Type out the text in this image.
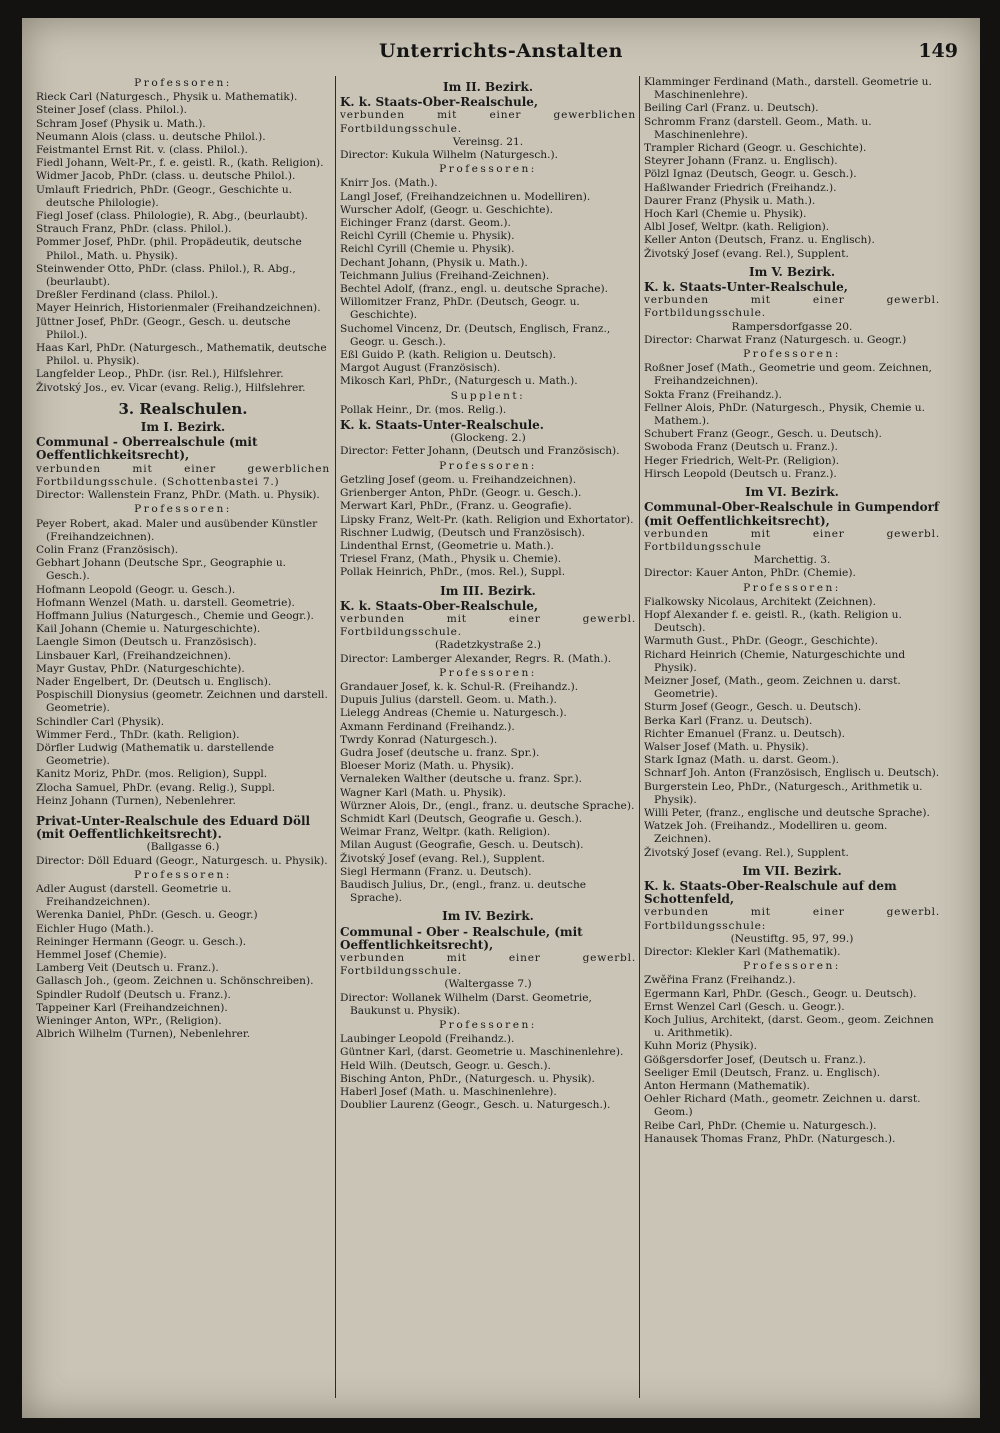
Unterrichts-Anstalten	149
Professoren:
Rieck Carl (Naturgesch., Physik u. Mathematik).
Steiner Josef (class. Philol.).
Schram Josef (Physik u. Math.).
Neumann Alois (class. u. deutsche Philol.).
Feistmantel Ernst Rit. v. (class. Philol.).
Fiedl Johann, Welt-Pr., f. e. geistl. R., (kath. Religion).
Widmer Jacob, PhDr. (class. u. deutsche Philol.).
Umlauft Friedrich, PhDr. (Geogr., Geschichte u. deutsche Philologie).
Fiegl Josef (class. Philologie), R. Abg., (beurlaubt).
Strauch Franz, PhDr. (class. Philol.).
Pommer Josef, PhDr. (phil. Propädeutik, deutsche Philol., Math. u. Physik).
Steinwender Otto, PhDr. (class. Philol.), R. Abg., (beurlaubt).
Dreßler Ferdinand (class. Philol.).
Mayer Heinrich, Historienmaler (Freihandzeichnen).
Jüttner Josef, PhDr. (Geogr., Gesch. u. deutsche Philol.).
Haas Karl, PhDr. (Naturgesch., Mathematik, deutsche Philol. u. Physik).
Langfelder Leop., PhDr. (isr. Rel.), Hilfslehrer.
Životský Jos., ev. Vicar (evang. Relig.), Hilfslehrer.
3. Realschulen.
Im I. Bezirk.
Communal - Oberrealschule (mit Oeffentlichkeitsrecht),
verbunden mit einer gewerblichen Fortbildungsschule. (Schottenbastei 7.)
Director: Wallenstein Franz, PhDr. (Math. u. Physik).
Professoren:
Peyer Robert, akad. Maler und ausübender Künstler (Freihandzeichnen).
Colin Franz (Französisch).
Gebhart Johann (Deutsche Spr., Geographie u. Gesch.).
Hofmann Leopold (Geogr. u. Gesch.).
Hofmann Wenzel (Math. u. darstell. Geometrie).
Hoffmann Julius (Naturgesch., Chemie und Geogr.).
Kail Johann (Chemie u. Naturgeschichte).
Laengle Simon (Deutsch u. Französisch).
Linsbauer Karl, (Freihandzeichnen).
Mayr Gustav, PhDr. (Naturgeschichte).
Nader Engelbert, Dr. (Deutsch u. Englisch).
Pospischill Dionysius (geometr. Zeichnen und darstell. Geometrie).
Schindler Carl (Physik).
Wimmer Ferd., ThDr. (kath. Religion).
Dörfler Ludwig (Mathematik u. darstellende Geometrie).
Kanitz Moriz, PhDr. (mos. Religion), Suppl.
Zlocha Samuel, PhDr. (evang. Relig.), Suppl.
Heinz Johann (Turnen), Nebenlehrer.
Privat-Unter-Realschule des Eduard Döll (mit Oeffentlichkeitsrecht).
(Ballgasse 6.)
Director: Döll Eduard (Geogr., Naturgesch. u. Physik).
Professoren:
Adler August (darstell. Geometrie u. Freihandzeichnen).
Werenka Daniel, PhDr. (Gesch. u. Geogr.)
Eichler Hugo (Math.).
Reininger Hermann (Geogr. u. Gesch.).
Hemmel Josef (Chemie).
Lamberg Veit (Deutsch u. Franz.).
Gallasch Joh., (geom. Zeichnen u. Schönschreiben).
Spindler Rudolf (Deutsch u. Franz.).
Tappeiner Karl (Freihandzeichnen).
Wieninger Anton, WPr., (Religion).
Albrich Wilhelm (Turnen), Nebenlehrer.
Im II. Bezirk.
K. k. Staats-Ober-Realschule,
verbunden mit einer gewerblichen Fortbildungsschule.
Vereinsg. 21.
Director: Kukula Wilhelm (Naturgesch.).
Professoren:
Knirr Jos. (Math.).
Langl Josef, (Freihandzeichnen u. Modelliren).
Wurscher Adolf, (Geogr. u. Geschichte).
Eichinger Franz (darst. Geom.).
Reichl Cyrill (Chemie u. Physik).
Reichl Cyrill (Chemie u. Physik).
Dechant Johann, (Physik u. Math.).
Teichmann Julius (Freihand-Zeichnen).
Bechtel Adolf, (franz., engl. u. deutsche Sprache).
Willomitzer Franz, PhDr. (Deutsch, Geogr. u. Geschichte).
Suchomel Vincenz, Dr. (Deutsch, Englisch, Franz., Geogr. u. Gesch.).
Eßl Guido P. (kath. Religion u. Deutsch).
Margot August (Französisch).
Mikosch Karl, PhDr., (Naturgesch u. Math.).
Supplent:
Pollak Heinr., Dr. (mos. Relig.).
K. k. Staats-Unter-Realschule.
(Glockeng. 2.)
Director: Fetter Johann, (Deutsch und Französisch).
Professoren:
Getzling Josef (geom. u. Freihandzeichnen).
Grienberger Anton, PhDr. (Geogr. u. Gesch.).
Merwart Karl, PhDr., (Franz. u. Geografie).
Lipsky Franz, Welt-Pr. (kath. Religion und Exhortator).
Rischner Ludwig, (Deutsch und Französisch).
Lindenthal Ernst, (Geometrie u. Math.).
Triesel Franz, (Math., Physik u. Chemie).
Pollak Heinrich, PhDr., (mos. Rel.), Suppl.
Im III. Bezirk.
K. k. Staats-Ober-Realschule,
verbunden mit einer gewerbl. Fortbildungsschule.
(Radetzkystraße 2.)
Director: Lamberger Alexander, Regrs. R. (Math.).
Professoren:
Grandauer Josef, k. k. Schul-R. (Freihandz.).
Dupuis Julius (darstell. Geom. u. Math.).
Lielegg Andreas (Chemie u. Naturgesch.).
Axmann Ferdinand (Freihandz.).
Twrdy Konrad (Naturgesch.).
Gudra Josef (deutsche u. franz. Spr.).
Bloeser Moriz (Math. u. Physik).
Vernaleken Walther (deutsche u. franz. Spr.).
Wagner Karl (Math. u. Physik).
Würzner Alois, Dr., (engl., franz. u. deutsche Sprache).
Schmidt Karl (Deutsch, Geografie u. Gesch.).
Weimar Franz, Weltpr. (kath. Religion).
Milan August (Geografie, Gesch. u. Deutsch).
Životský Josef (evang. Rel.), Supplent.
Siegl Hermann (Franz. u. Deutsch).
Baudisch Julius, Dr., (engl., franz. u. deutsche Sprache).
Im IV. Bezirk.
Communal - Ober - Realschule, (mit Oeffentlichkeitsrecht),
verbunden mit einer gewerbl. Fortbildungsschule.
(Waltergasse 7.)
Director: Wollanek Wilhelm (Darst. Geometrie, Baukunst u. Physik).
Professoren:
Laubinger Leopold (Freihandz.).
Güntner Karl, (darst. Geometrie u. Maschinenlehre).
Held Wilh. (Deutsch, Geogr. u. Gesch.).
Bisching Anton, PhDr., (Naturgesch. u. Physik).
Haberl Josef (Math. u. Maschinenlehre).
Doublier Laurenz (Geogr., Gesch. u. Naturgesch.).
Klamminger Ferdinand (Math., darstell. Geometrie u. Maschinenlehre).
Beiling Carl (Franz. u. Deutsch).
Schromm Franz (darstell. Geom., Math. u. Maschinenlehre).
Trampler Richard (Geogr. u. Geschichte).
Steyrer Johann (Franz. u. Englisch).
Pölzl Ignaz (Deutsch, Geogr. u. Gesch.).
Haßlwander Friedrich (Freihandz.).
Daurer Franz (Physik u. Math.).
Hoch Karl (Chemie u. Physik).
Albl Josef, Weltpr. (kath. Religion).
Keller Anton (Deutsch, Franz. u. Englisch).
Životský Josef (evang. Rel.), Supplent.
Im V. Bezirk.
K. k. Staats-Unter-Realschule,
verbunden mit einer gewerbl. Fortbildungsschule.
Rampersdorfgasse 20.
Director: Charwat Franz (Naturgesch. u. Geogr.)
Professoren:
Roßner Josef (Math., Geometrie und geom. Zeichnen, Freihandzeichnen).
Sokta Franz (Freihandz.).
Fellner Alois, PhDr. (Naturgesch., Physik, Chemie u. Mathem.).
Schubert Franz (Geogr., Gesch. u. Deutsch).
Swoboda Franz (Deutsch u. Franz.).
Heger Friedrich, Welt-Pr. (Religion).
Hirsch Leopold (Deutsch u. Franz.).
Im VI. Bezirk.
Communal-Ober-Realschule in Gumpendorf (mit Oeffentlichkeitsrecht),
verbunden mit einer gewerbl. Fortbildungsschule
Marchettig. 3.
Director: Kauer Anton, PhDr. (Chemie).
Professoren:
Fialkowsky Nicolaus, Architekt (Zeichnen).
Hopf Alexander f. e. geistl. R., (kath. Religion u. Deutsch).
Warmuth Gust., PhDr. (Geogr., Geschichte).
Richard Heinrich (Chemie, Naturgeschichte und Physik).
Meizner Josef, (Math., geom. Zeichnen u. darst. Geometrie).
Sturm Josef (Geogr., Gesch. u. Deutsch).
Berka Karl (Franz. u. Deutsch).
Richter Emanuel (Franz. u. Deutsch).
Walser Josef (Math. u. Physik).
Stark Ignaz (Math. u. darst. Geom.).
Schnarf Joh. Anton (Französisch, Englisch u. Deutsch).
Burgerstein Leo, PhDr., (Naturgesch., Arithmetik u. Physik).
Willi Peter, (franz., englische und deutsche Sprache).
Watzek Joh. (Freihandz., Modelliren u. geom. Zeichnen).
Životský Josef (evang. Rel.), Supplent.
Im VII. Bezirk.
K. k. Staats-Ober-Realschule auf dem Schottenfeld,
verbunden mit einer gewerbl. Fortbildungsschule:
(Neustiftg. 95, 97, 99.)
Director: Klekler Karl (Mathematik).
Professoren:
Zwěřina Franz (Freihandz.).
Egermann Karl, PhDr. (Gesch., Geogr. u. Deutsch).
Ernst Wenzel Carl (Gesch. u. Geogr.).
Koch Julius, Architekt, (darst. Geom., geom. Zeichnen u. Arithmetik).
Kuhn Moriz (Physik).
Gößgersdorfer Josef, (Deutsch u. Franz.).
Seeliger Emil (Deutsch, Franz. u. Englisch).
Anton Hermann (Mathematik).
Oehler Richard (Math., geometr. Zeichnen u. darst. Geom.)
Reibe Carl, PhDr. (Chemie u. Naturgesch.).
Hanausek Thomas Franz, PhDr. (Naturgesch.).
